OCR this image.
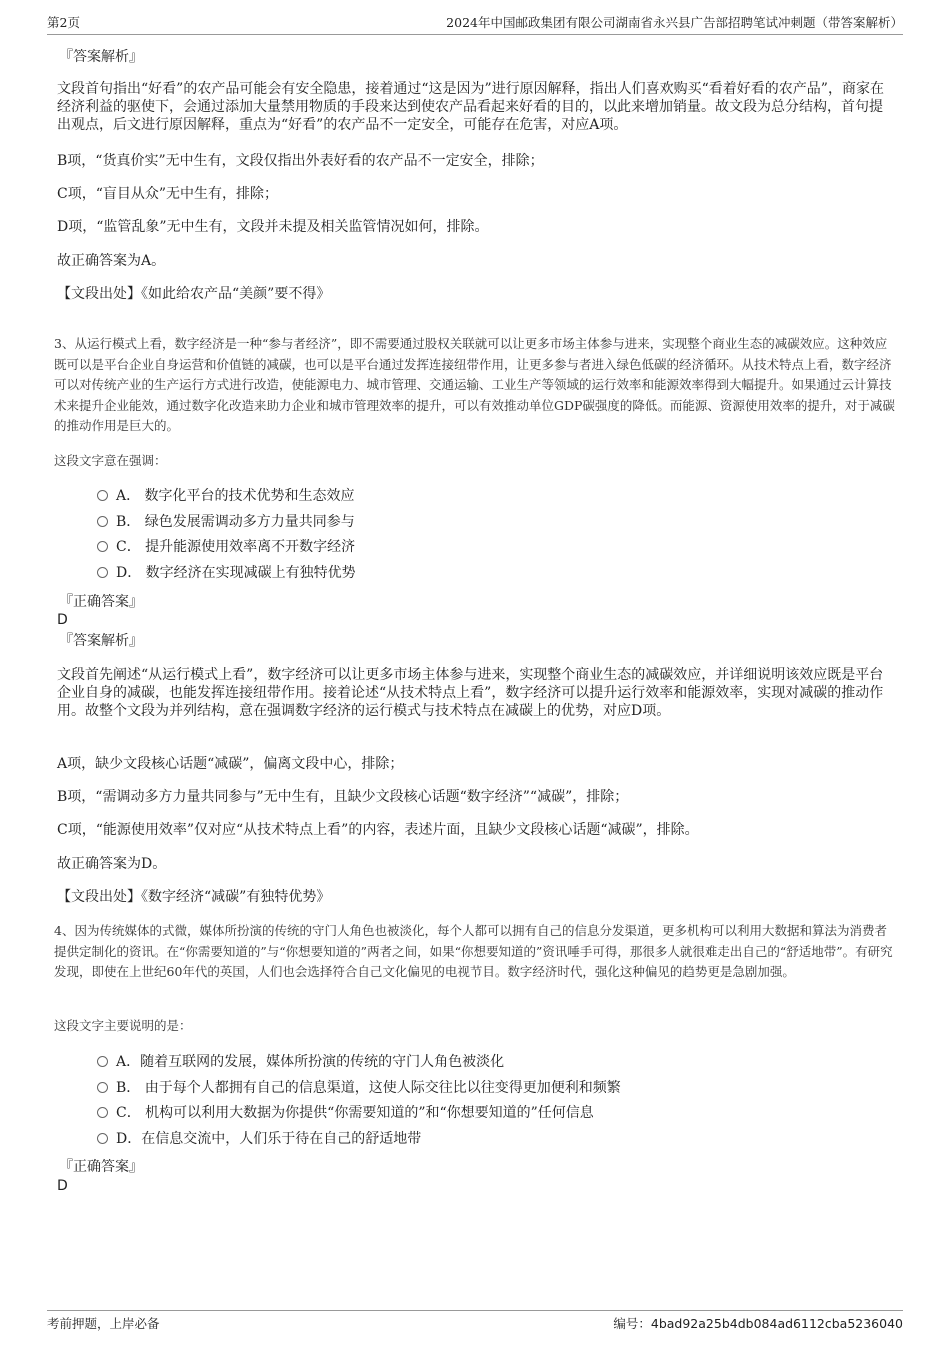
第2页	2024年中国邮政集团有限公司湖南省永兴县广告部招聘笔试冲刺题（带答案解析）
『答案解析』
文段首句指出“好看”的农产品可能会有安全隐患，接着通过“这是因为”进行原因解释，指出人们喜欢购买“看着好看的农产品”，商家在经济利益的驱使下，会通过添加大量禁用物质的手段来达到使农产品看起来好看的目的，以此来增加销量。故文段为总分结构，首句提出观点，后文进行原因解释，重点为“好看”的农产品不一定安全，可能存在危害，对应A项。
B项，“货真价实”无中生有，文段仅指出外表好看的农产品不一定安全，排除；
C项，“盲目从众”无中生有，排除；
D项，“监管乱象”无中生有，文段并未提及相关监管情况如何，排除。
故正确答案为A。
【文段出处】《如此给农产品“美颜”要不得》
3、从运行模式上看，数字经济是一种“参与者经济”，即不需要通过股权关联就可以让更多市场主体参与进来，实现整个商业生态的减碳效应。这种效应既可以是平台企业自身运营和价值链的减碳，也可以是平台通过发挥连接纽带作用，让更多参与者进入绿色低碳的经济循环。从技术特点上看，数字经济可以对传统产业的生产运行方式进行改造，使能源电力、城市管理、交通运输、工业生产等领域的运行效率和能源效率得到大幅提升。如果通过云计算技术来提升企业能效，通过数字化改造来助力企业和城市管理效率的提升，可以有效推动单位GDP碳强度的降低。而能源、资源使用效率的提升，对于减碳的推动作用是巨大的。
这段文字意在强调：
A． 数字化平台的技术优势和生态效应
B． 绿色发展需调动多方力量共同参与
C． 提升能源使用效率离不开数字经济
D． 数字经济在实现减碳上有独特优势
『正确答案』
D
『答案解析』
文段首先阐述“从运行模式上看”，数字经济可以让更多市场主体参与进来，实现整个商业生态的减碳效应，并详细说明该效应既是平台企业自身的减碳，也能发挥连接纽带作用。接着论述“从技术特点上看”，数字经济可以提升运行效率和能源效率，实现对减碳的推动作用。故整个文段为并列结构，意在强调数字经济的运行模式与技术特点在减碳上的优势，对应D项。
A项，缺少文段核心话题“减碳”，偏离文段中心，排除；
B项，“需调动多方力量共同参与”无中生有，且缺少文段核心话题“数字经济”“减碳”，排除；
C项，“能源使用效率”仅对应“从技术特点上看”的内容，表述片面，且缺少文段核心话题“减碳”，排除。
故正确答案为D。
【文段出处】《数字经济“减碳”有独特优势》
4、因为传统媒体的式微，媒体所扮演的传统的守门人角色也被淡化，每个人都可以拥有自己的信息分发渠道，更多机构可以利用大数据和算法为消费者提供定制化的资讯。在“你需要知道的”与“你想要知道的”两者之间，如果“你想要知道的”资讯唾手可得，那很多人就很难走出自己的“舒适地带”。有研究发现，即使在上世纪60年代的英国，人们也会选择符合自己文化偏见的电视节目。数字经济时代，强化这种偏见的趋势更是急剧加强。
这段文字主要说明的是：
A．随着互联网的发展，媒体所扮演的传统的守门人角色被淡化
B． 由于每个人都拥有自己的信息渠道，这使人际交往比以往变得更加便利和频繁
C． 机构可以利用大数据为你提供“你需要知道的”和“你想要知道的”任何信息
D．在信息交流中，人们乐于待在自己的舒适地带
『正确答案』
D
考前押题，上岸必备	编号：4bad92a25b4db084ad6112cba5236040
